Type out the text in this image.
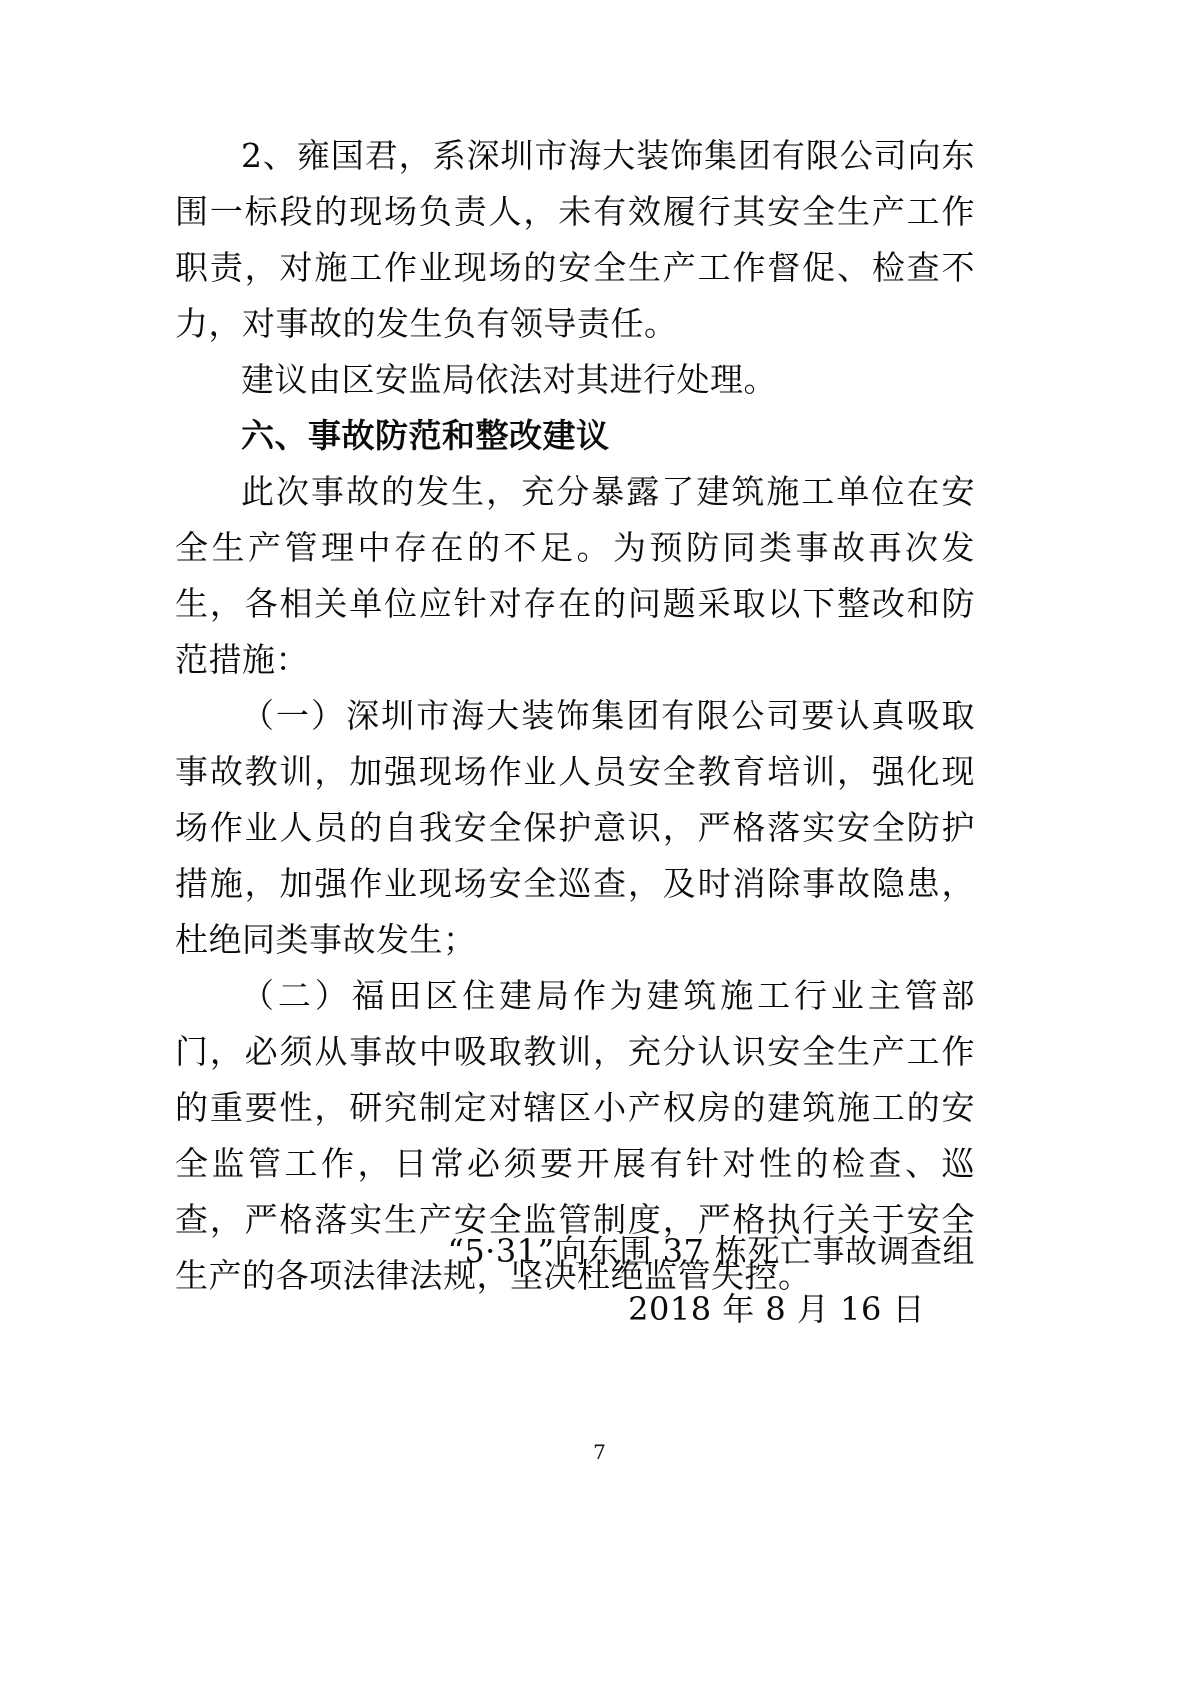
2、雍国君，系深圳市海大装饰集团有限公司向东围一标段的现场负责人，未有效履行其安全生产工作职责，对施工作业现场的安全生产工作督促、检查不力，对事故的发生负有领导责任。

建议由区安监局依法对其进行处理。

六、事故防范和整改建议

此次事故的发生，充分暴露了建筑施工单位在安全生产管理中存在的不足。为预防同类事故再次发生，各相关单位应针对存在的问题采取以下整改和防范措施：

（一）深圳市海大装饰集团有限公司要认真吸取事故教训，加强现场作业人员安全教育培训，强化现场作业人员的自我安全保护意识，严格落实安全防护措施，加强作业现场安全巡查，及时消除事故隐患，杜绝同类事故发生；

（二）福田区住建局作为建筑施工行业主管部门，必须从事故中吸取教训，充分认识安全生产工作的重要性，研究制定对辖区小产权房的建筑施工的安全监管工作，日常必须要开展有针对性的检查、巡查，严格落实生产安全监管制度，严格执行关于安全生产的各项法律法规，坚决杜绝监管失控。

“5·31”向东围 37 栋死亡事故调查组
2018 年 8 月 16 日
7
